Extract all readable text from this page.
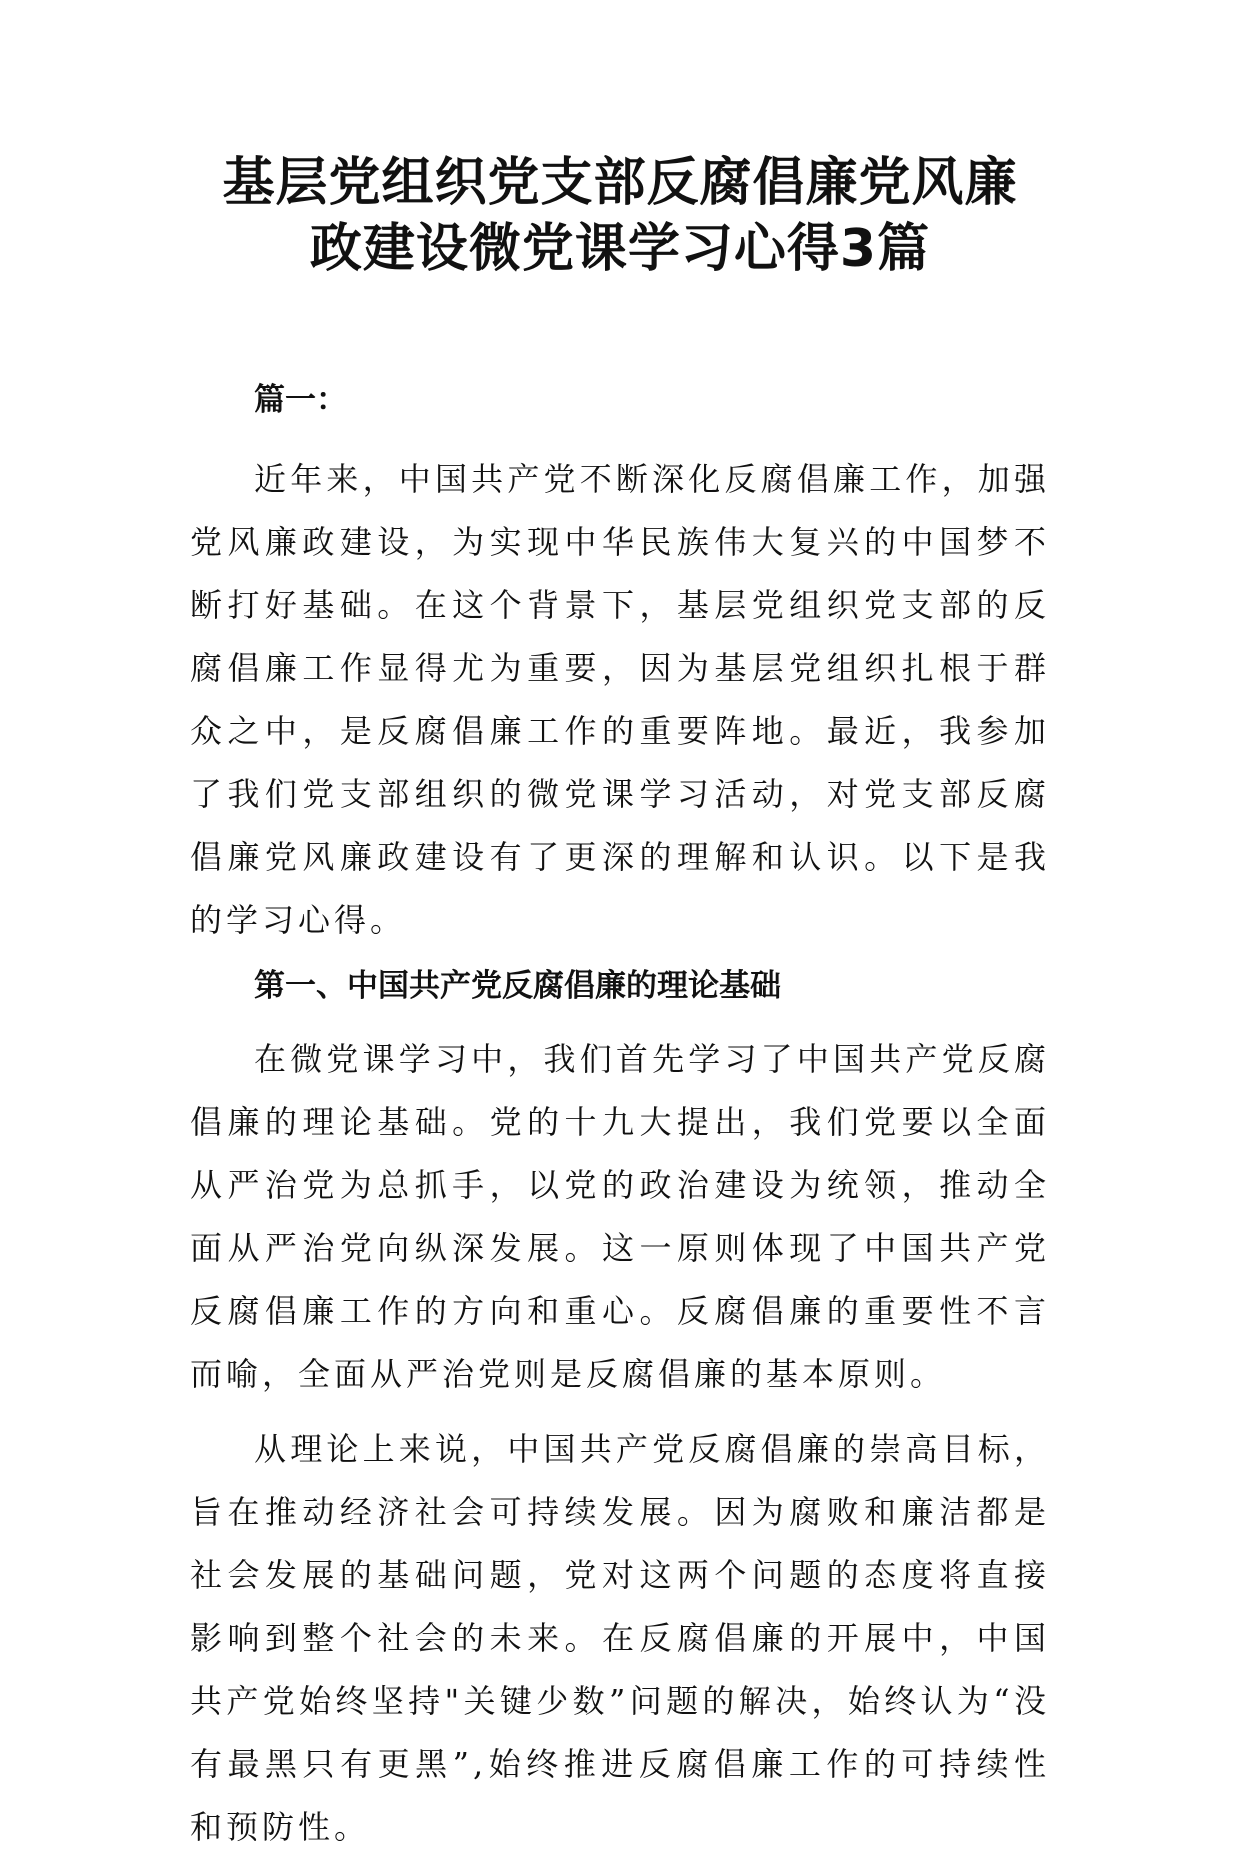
基层党组织党支部反腐倡廉党风廉
政建设微党课学习心得3篇
篇一：

近年来，中国共产党不断深化反腐倡廉工作，加强党风廉政建设，为实现中华民族伟大复兴的中国梦不断打好基础。在这个背景下，基层党组织党支部的反腐倡廉工作显得尤为重要，因为基层党组织扎根于群众之中，是反腐倡廉工作的重要阵地。最近，我参加了我们党支部组织的微党课学习活动，对党支部反腐倡廉党风廉政建设有了更深的理解和认识。以下是我的学习心得。

第一、中国共产党反腐倡廉的理论基础

在微党课学习中，我们首先学习了中国共产党反腐倡廉的理论基础。党的十九大提出，我们党要以全面从严治党为总抓手，以党的政治建设为统领，推动全面从严治党向纵深发展。这一原则体现了中国共产党反腐倡廉工作的方向和重心。反腐倡廉的重要性不言而喻，全面从严治党则是反腐倡廉的基本原则。

从理论上来说，中国共产党反腐倡廉的崇高目标，旨在推动经济社会可持续发展。因为腐败和廉洁都是社会发展的基础问题，党对这两个问题的态度将直接影响到整个社会的未来。在反腐倡廉的开展中，中国共产党始终坚持"关键少数”问题的解决，始终认为“没有最黑只有更黑”,始终推进反腐倡廉工作的可持续性和预防性。
